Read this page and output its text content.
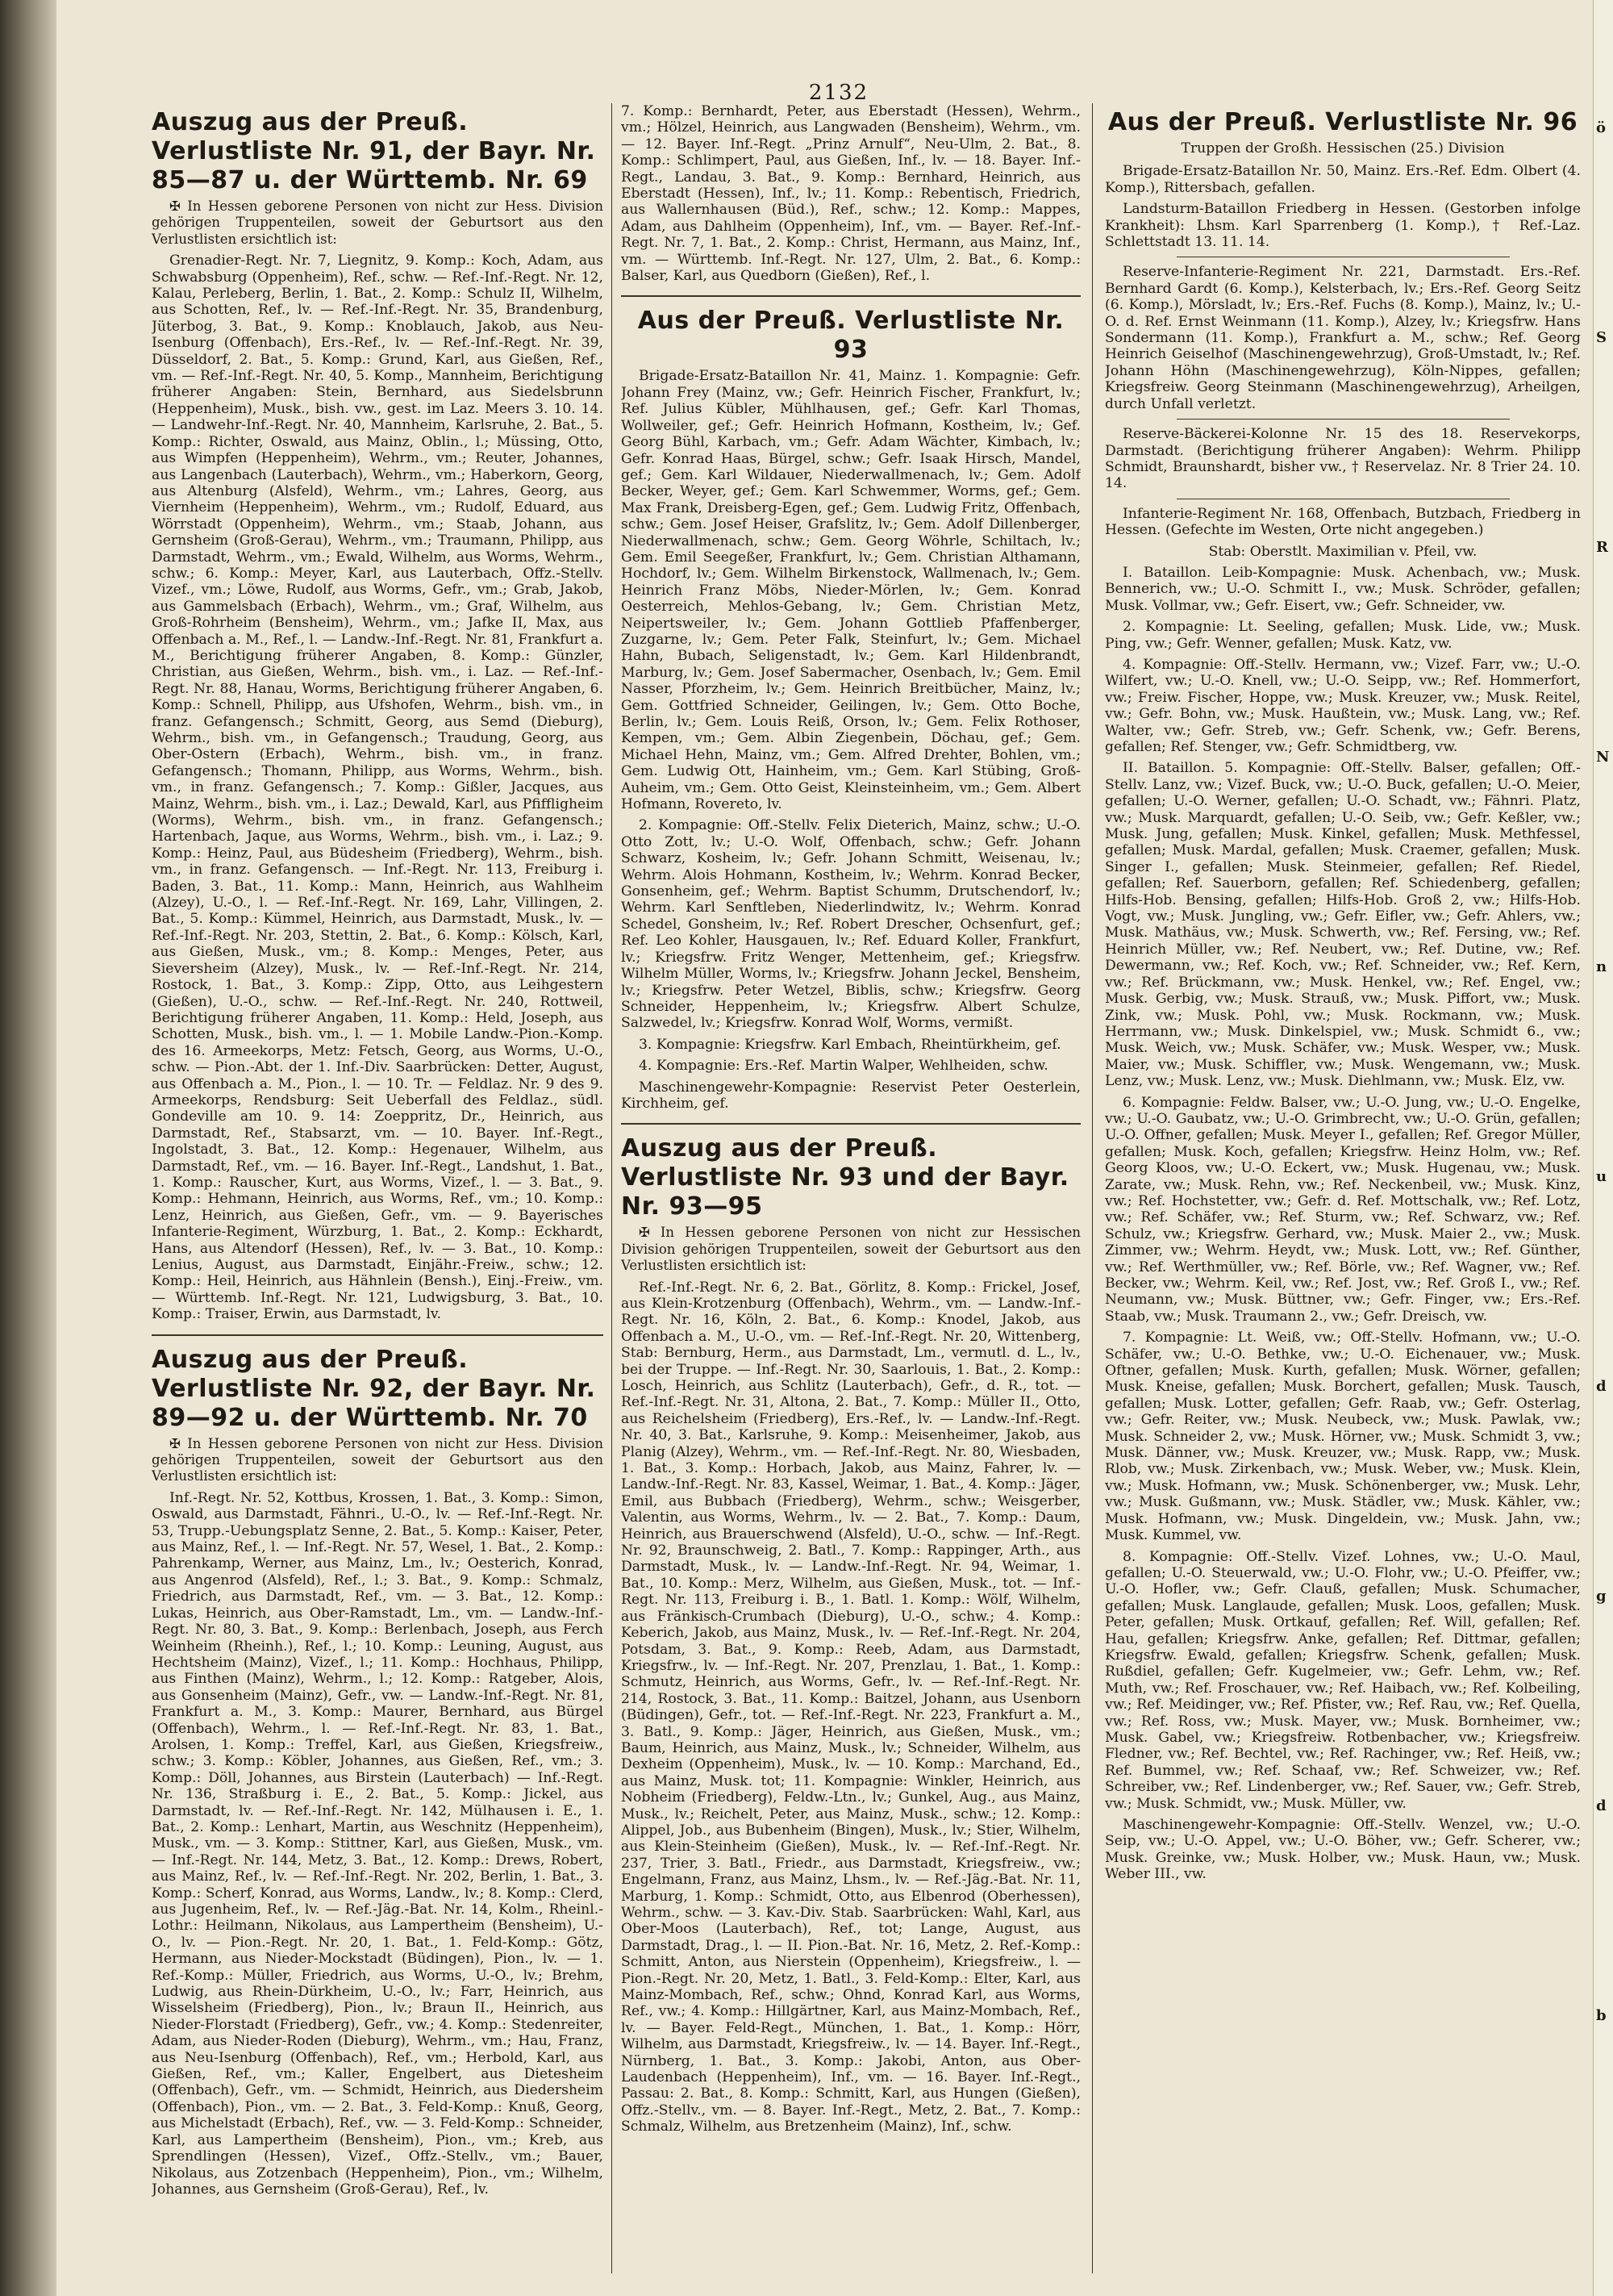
2132
Auszug aus der Preuß. Verlustliste Nr. 91, der Bayr. Nr. 85—87 u. der Württemb. Nr. 69

✠ In Hessen geborene Personen von nicht zur Hess. Division gehörigen Truppenteilen, soweit der Geburtsort aus den Verlustlisten ersichtlich ist:

Grenadier-Regt. Nr. 7, Liegnitz, 9. Komp.: Koch, Adam, aus Schwabsburg (Oppenheim), Ref., schw. — Ref.-Inf.-Regt. Nr. 12, Kalau, Perleberg, Berlin, 1. Bat., 2. Komp.: Schulz II, Wilhelm, aus Schotten, Ref., lv. — Ref.-Inf.-Regt. Nr. 35, Brandenburg, Jüterbog, 3. Bat., 9. Komp.: Knoblauch, Jakob, aus Neu-Isenburg (Offenbach), Ers.-Ref., lv. — Ref.-Inf.-Regt. Nr. 39, Düsseldorf, 2. Bat., 5. Komp.: Grund, Karl, aus Gießen, Ref., vm. — Ref.-Inf.-Regt. Nr. 40, 5. Komp., Mannheim, Berichtigung früherer Angaben: Stein, Bernhard, aus Siedelsbrunn (Heppenheim), Musk., bish. vw., gest. im Laz. Meers 3. 10. 14. — Landwehr-Inf.-Regt. Nr. 40, Mannheim, Karlsruhe, 2. Bat., 5. Komp.: Richter, Oswald, aus Mainz, Oblin., l.; Müssing, Otto, aus Wimpfen (Heppenheim), Wehrm., vm.; Reuter, Johannes, aus Langenbach (Lauterbach), Wehrm., vm.; Haberkorn, Georg, aus Altenburg (Alsfeld), Wehrm., vm.; Lahres, Georg, aus Viernheim (Heppenheim), Wehrm., vm.; Rudolf, Eduard, aus Wörrstadt (Oppenheim), Wehrm., vm.; Staab, Johann, aus Gernsheim (Groß-Gerau), Wehrm., vm.; Traumann, Philipp, aus Darmstadt, Wehrm., vm.; Ewald, Wilhelm, aus Worms, Wehrm., schw.; 6. Komp.: Meyer, Karl, aus Lauterbach, Offz.-Stellv. Vizef., vm.; Löwe, Rudolf, aus Worms, Gefr., vm.; Grab, Jakob, aus Gammelsbach (Erbach), Wehrm., vm.; Graf, Wilhelm, aus Groß-Rohrheim (Bensheim), Wehrm., vm.; Jafke II, Max, aus Offenbach a. M., Ref., l. — Landw.-Inf.-Regt. Nr. 81, Frankfurt a. M., Berichtigung früherer Angaben, 8. Komp.: Günzler, Christian, aus Gießen, Wehrm., bish. vm., i. Laz. — Ref.-Inf.-Regt. Nr. 88, Hanau, Worms, Berichtigung früherer Angaben, 6. Komp.: Schnell, Philipp, aus Ufshofen, Wehrm., bish. vm., in franz. Gefangensch.; Schmitt, Georg, aus Semd (Dieburg), Wehrm., bish. vm., in Gefangensch.; Traudung, Georg, aus Ober-Ostern (Erbach), Wehrm., bish. vm., in franz. Gefangensch.; Thomann, Philipp, aus Worms, Wehrm., bish. vm., in franz. Gefangensch.; 7. Komp.: Gißler, Jacques, aus Mainz, Wehrm., bish. vm., i. Laz.; Dewald, Karl, aus Pfiffligheim (Worms), Wehrm., bish. vm., in franz. Gefangensch.; Hartenbach, Jaque, aus Worms, Wehrm., bish. vm., i. Laz.; 9. Komp.: Heinz, Paul, aus Büdesheim (Friedberg), Wehrm., bish. vm., in franz. Gefangensch. — Inf.-Regt. Nr. 113, Freiburg i. Baden, 3. Bat., 11. Komp.: Mann, Heinrich, aus Wahlheim (Alzey), U.-O., l. — Ref.-Inf.-Regt. Nr. 169, Lahr, Villingen, 2. Bat., 5. Komp.: Kümmel, Heinrich, aus Darmstadt, Musk., lv. — Ref.-Inf.-Regt. Nr. 203, Stettin, 2. Bat., 6. Komp.: Kölsch, Karl, aus Gießen, Musk., vm.; 8. Komp.: Menges, Peter, aus Sieversheim (Alzey), Musk., lv. — Ref.-Inf.-Regt. Nr. 214, Rostock, 1. Bat., 3. Komp.: Zipp, Otto, aus Leihgestern (Gießen), U.-O., schw. — Ref.-Inf.-Regt. Nr. 240, Rottweil, Berichtigung früherer Angaben, 11. Komp.: Held, Joseph, aus Schotten, Musk., bish. vm., l. — 1. Mobile Landw.-Pion.-Komp. des 16. Armeekorps, Metz: Fetsch, Georg, aus Worms, U.-O., schw. — Pion.-Abt. der 1. Inf.-Div. Saarbrücken: Detter, August, aus Offenbach a. M., Pion., l. — 10. Tr. — Feldlaz. Nr. 9 des 9. Armeekorps, Rendsburg: Seit Ueberfall des Feldlaz., südl. Gondeville am 10. 9. 14: Zoeppritz, Dr., Heinrich, aus Darmstadt, Ref., Stabsarzt, vm. — 10. Bayer. Inf.-Regt., Ingolstadt, 3. Bat., 12. Komp.: Hegenauer, Wilhelm, aus Darmstadt, Ref., vm. — 16. Bayer. Inf.-Regt., Landshut, 1. Bat., 1. Komp.: Rauscher, Kurt, aus Worms, Vizef., l. — 3. Bat., 9. Komp.: Hehmann, Heinrich, aus Worms, Ref., vm.; 10. Komp.: Lenz, Heinrich, aus Gießen, Gefr., vm. — 9. Bayerisches Infanterie-Regiment, Würzburg, 1. Bat., 2. Komp.: Eckhardt, Hans, aus Altendorf (Hessen), Ref., lv. — 3. Bat., 10. Komp.: Lenius, August, aus Darmstadt, Einjähr.-Freiw., schw.; 12. Komp.: Heil, Heinrich, aus Hähnlein (Bensh.), Einj.-Freiw., vm. — Württemb. Inf.-Regt. Nr. 121, Ludwigsburg, 3. Bat., 10. Komp.: Traiser, Erwin, aus Darmstadt, lv.

Auszug aus der Preuß. Verlustliste Nr. 92, der Bayr. Nr. 89—92 u. der Württemb. Nr. 70

✠ In Hessen geborene Personen von nicht zur Hess. Division gehörigen Truppenteilen, soweit der Geburtsort aus den Verlustlisten ersichtlich ist:

Inf.-Regt. Nr. 52, Kottbus, Krossen, 1. Bat., 3. Komp.: Simon, Oswald, aus Darmstadt, Fähnri., U.-O., lv. — Ref.-Inf.-Regt. Nr. 53, Trupp.-Uebungsplatz Senne, 2. Bat., 5. Komp.: Kaiser, Peter, aus Mainz, Ref., l. — Inf.-Regt. Nr. 57, Wesel, 1. Bat., 2. Komp.: Pahrenkamp, Werner, aus Mainz, Lm., lv.; Oesterich, Konrad, aus Angenrod (Alsfeld), Ref., l.; 3. Bat., 9. Komp.: Schmalz, Friedrich, aus Darmstadt, Ref., vm. — 3. Bat., 12. Komp.: Lukas, Heinrich, aus Ober-Ramstadt, Lm., vm. — Landw.-Inf.-Regt. Nr. 80, 3. Bat., 9. Komp.: Berlenbach, Joseph, aus Ferch Weinheim (Rheinh.), Ref., l.; 10. Komp.: Leuning, August, aus Hechtsheim (Mainz), Vizef., l.; 11. Komp.: Hochhaus, Philipp, aus Finthen (Mainz), Wehrm., l.; 12. Komp.: Ratgeber, Alois, aus Gonsenheim (Mainz), Gefr., vw. — Landw.-Inf.-Regt. Nr. 81, Frankfurt a. M., 3. Komp.: Maurer, Bernhard, aus Bürgel (Offenbach), Wehrm., l. — Ref.-Inf.-Regt. Nr. 83, 1. Bat., Arolsen, 1. Komp.: Treffel, Karl, aus Gießen, Kriegsfreiw., schw.; 3. Komp.: Köbler, Johannes, aus Gießen, Ref., vm.; 3. Komp.: Döll, Johannes, aus Birstein (Lauterbach) — Inf.-Regt. Nr. 136, Straßburg i. E., 2. Bat., 5. Komp.: Jickel, aus Darmstadt, lv. — Ref.-Inf.-Regt. Nr. 142, Mülhausen i. E., 1. Bat., 2. Komp.: Lenhart, Martin, aus Weschnitz (Heppenheim), Musk., vm. — 3. Komp.: Stittner, Karl, aus Gießen, Musk., vm. — Inf.-Regt. Nr. 144, Metz, 3. Bat., 12. Komp.: Drews, Robert, aus Mainz, Ref., lv. — Ref.-Inf.-Regt. Nr. 202, Berlin, 1. Bat., 3. Komp.: Scherf, Konrad, aus Worms, Landw., lv.; 8. Komp.: Clerd, aus Jugenheim, Ref., lv. — Ref.-Jäg.-Bat. Nr. 14, Kolm., Rheinl.-Lothr.: Heilmann, Nikolaus, aus Lampertheim (Bensheim), U.-O., lv. — Pion.-Regt. Nr. 20, 1. Bat., 1. Feld-Komp.: Götz, Hermann, aus Nieder-Mockstadt (Büdingen), Pion., lv. — 1. Ref.-Komp.: Müller, Friedrich, aus Worms, U.-O., lv.; Brehm, Ludwig, aus Rhein-Dürkheim, U.-O., lv.; Farr, Heinrich, aus Wisselsheim (Friedberg), Pion., lv.; Braun II., Heinrich, aus Nieder-Florstadt (Friedberg), Gefr., vw.; 4. Komp.: Stedenreiter, Adam, aus Nieder-Roden (Dieburg), Wehrm., vm.; Hau, Franz, aus Neu-Isenburg (Offenbach), Ref., vm.; Herbold, Karl, aus Gießen, Ref., vm.; Kaller, Engelbert, aus Dietesheim (Offenbach), Gefr., vm. — Schmidt, Heinrich, aus Diedersheim (Offenbach), Pion., vm. — 2. Bat., 3. Feld-Komp.: Knuß, Georg, aus Michelstadt (Erbach), Ref., vw. — 3. Feld-Komp.: Schneider, Karl, aus Lampertheim (Bensheim), Pion., vm.; Kreb, aus Sprendlingen (Hessen), Vizef., Offz.-Stellv., vm.; Bauer, Nikolaus, aus Zotzenbach (Heppenheim), Pion., vm.; Wilhelm, Johannes, aus Gernsheim (Groß-Gerau), Ref., lv.

7. Komp.: Bernhardt, Peter, aus Eberstadt (Hessen), Wehrm., vm.; Hölzel, Heinrich, aus Langwaden (Bensheim), Wehrm., vm. — 12. Bayer. Inf.-Regt. „Prinz Arnulf“, Neu-Ulm, 2. Bat., 8. Komp.: Schlimpert, Paul, aus Gießen, Inf., lv. — 18. Bayer. Inf.-Regt., Landau, 3. Bat., 9. Komp.: Bernhard, Heinrich, aus Eberstadt (Hessen), Inf., lv.; 11. Komp.: Rebentisch, Friedrich, aus Wallernhausen (Büd.), Ref., schw.; 12. Komp.: Mappes, Adam, aus Dahlheim (Oppenheim), Inf., vm. — Bayer. Ref.-Inf.-Regt. Nr. 7, 1. Bat., 2. Komp.: Christ, Hermann, aus Mainz, Inf., vm. — Württemb. Inf.-Regt. Nr. 127, Ulm, 2. Bat., 6. Komp.: Balser, Karl, aus Quedborn (Gießen), Ref., l.

Aus der Preuß. Verlustliste Nr. 93

Brigade-Ersatz-Bataillon Nr. 41, Mainz. 1. Kompagnie: Gefr. Johann Frey (Mainz, vw.; Gefr. Heinrich Fischer, Frankfurt, lv.; Ref. Julius Kübler, Mühlhausen, gef.; Gefr. Karl Thomas, Wollweiler, gef.; Gefr. Heinrich Hofmann, Kostheim, lv.; Gef. Georg Bühl, Karbach, vm.; Gefr. Adam Wächter, Kimbach, lv.; Gefr. Konrad Haas, Bürgel, schw.; Gefr. Isaak Hirsch, Mandel, gef.; Gem. Karl Wildauer, Niederwallmenach, lv.; Gem. Adolf Becker, Weyer, gef.; Gem. Karl Schwemmer, Worms, gef.; Gem. Max Frank, Dreisberg-Egen, gef.; Gem. Ludwig Fritz, Offenbach, schw.; Gem. Josef Heiser, Grafslitz, lv.; Gem. Adolf Dillenberger, Niederwallmenach, schw.; Gem. Georg Wöhrle, Schiltach, lv.; Gem. Emil Seegeßer, Frankfurt, lv.; Gem. Christian Althamann, Hochdorf, lv.; Gem. Wilhelm Birkenstock, Wallmenach, lv.; Gem. Heinrich Franz Möbs, Nieder-Mörlen, lv.; Gem. Konrad Oesterreich, Mehlos-Gebang, lv.; Gem. Christian Metz, Neipertsweiler, lv.; Gem. Johann Gottlieb Pfaffenberger, Zuzgarne, lv.; Gem. Peter Falk, Steinfurt, lv.; Gem. Michael Hahn, Bubach, Seligenstadt, lv.; Gem. Karl Hildenbrandt, Marburg, lv.; Gem. Josef Sabermacher, Osenbach, lv.; Gem. Emil Nasser, Pforzheim, lv.; Gem. Heinrich Breitbücher, Mainz, lv.; Gem. Gottfried Schneider, Geilingen, lv.; Gem. Otto Boche, Berlin, lv.; Gem. Louis Reiß, Orson, lv.; Gem. Felix Rothoser, Kempen, vm.; Gem. Albin Ziegenbein, Döchau, gef.; Gem. Michael Hehn, Mainz, vm.; Gem. Alfred Drehter, Bohlen, vm.; Gem. Ludwig Ott, Hainheim, vm.; Gem. Karl Stübing, Groß-Auheim, vm.; Gem. Otto Geist, Kleinsteinheim, vm.; Gem. Albert Hofmann, Rovereto, lv.

2. Kompagnie: Off.-Stellv. Felix Dieterich, Mainz, schw.; U.-O. Otto Zott, lv.; U.-O. Wolf, Offenbach, schw.; Gefr. Johann Schwarz, Kosheim, lv.; Gefr. Johann Schmitt, Weisenau, lv.; Wehrm. Alois Hohmann, Kostheim, lv.; Wehrm. Konrad Becker, Gonsenheim, gef.; Wehrm. Baptist Schumm, Drutschendorf, lv.; Wehrm. Karl Senftleben, Niederlindwitz, lv.; Wehrm. Konrad Schedel, Gonsheim, lv.; Ref. Robert Drescher, Ochsenfurt, gef.; Ref. Leo Kohler, Hausgauen, lv.; Ref. Eduard Koller, Frankfurt, lv.; Kriegsfrw. Fritz Wenger, Mettenheim, gef.; Kriegsfrw. Wilhelm Müller, Worms, lv.; Kriegsfrw. Johann Jeckel, Bensheim, lv.; Kriegsfrw. Peter Wetzel, Biblis, schw.; Kriegsfrw. Georg Schneider, Heppenheim, lv.; Kriegsfrw. Albert Schulze, Salzwedel, lv.; Kriegsfrw. Konrad Wolf, Worms, vermißt.

3. Kompagnie: Kriegsfrw. Karl Embach, Rheintürkheim, gef.

4. Kompagnie: Ers.-Ref. Martin Walper, Wehlheiden, schw.

Maschinengewehr-Kompagnie: Reservist Peter Oesterlein, Kirchheim, gef.

Auszug aus der Preuß. Verlustliste Nr. 93 und der Bayr. Nr. 93—95

✠ In Hessen geborene Personen von nicht zur Hessischen Division gehörigen Truppenteilen, soweit der Geburtsort aus den Verlustlisten ersichtlich ist:

Ref.-Inf.-Regt. Nr. 6, 2. Bat., Görlitz, 8. Komp.: Frickel, Josef, aus Klein-Krotzenburg (Offenbach), Wehrm., vm. — Landw.-Inf.-Regt. Nr. 16, Köln, 2. Bat., 6. Komp.: Knodel, Jakob, aus Offenbach a. M., U.-O., vm. — Ref.-Inf.-Regt. Nr. 20, Wittenberg, Stab: Bernburg, Herm., aus Darmstadt, Lm., vermutl. d. L., lv., bei der Truppe. — Inf.-Regt. Nr. 30, Saarlouis, 1. Bat., 2. Komp.: Losch, Heinrich, aus Schlitz (Lauterbach), Gefr., d. R., tot. — Ref.-Inf.-Regt. Nr. 31, Altona, 2. Bat., 7. Komp.: Müller II., Otto, aus Reichelsheim (Friedberg), Ers.-Ref., lv. — Landw.-Inf.-Regt. Nr. 40, 3. Bat., Karlsruhe, 9. Komp.: Meisenheimer, Jakob, aus Planig (Alzey), Wehrm., vm. — Ref.-Inf.-Regt. Nr. 80, Wiesbaden, 1. Bat., 3. Komp.: Horbach, Jakob, aus Mainz, Fahrer, lv. — Landw.-Inf.-Regt. Nr. 83, Kassel, Weimar, 1. Bat., 4. Komp.: Jäger, Emil, aus Bubbach (Friedberg), Wehrm., schw.; Weisgerber, Valentin, aus Worms, Wehrm., lv. — 2. Bat., 7. Komp.: Daum, Heinrich, aus Brauerschwend (Alsfeld), U.-O., schw. — Inf.-Regt. Nr. 92, Braunschweig, 2. Batl., 7. Komp.: Rappinger, Arth., aus Darmstadt, Musk., lv. — Landw.-Inf.-Regt. Nr. 94, Weimar, 1. Bat., 10. Komp.: Merz, Wilhelm, aus Gießen, Musk., tot. — Inf.-Regt. Nr. 113, Freiburg i. B., 1. Batl. 1. Komp.: Wölf, Wilhelm, aus Fränkisch-Crumbach (Dieburg), U.-O., schw.; 4. Komp.: Keberich, Jakob, aus Mainz, Musk., lv. — Ref.-Inf.-Regt. Nr. 204, Potsdam, 3. Bat., 9. Komp.: Reeb, Adam, aus Darmstadt, Kriegsfrw., lv. — Inf.-Regt. Nr. 207, Prenzlau, 1. Bat., 1. Komp.: Schmutz, Heinrich, aus Worms, Gefr., lv. — Ref.-Inf.-Regt. Nr. 214, Rostock, 3. Bat., 11. Komp.: Baitzel, Johann, aus Usenborn (Büdingen), Gefr., tot. — Ref.-Inf.-Regt. Nr. 223, Frankfurt a. M., 3. Batl., 9. Komp.: Jäger, Heinrich, aus Gießen, Musk., vm.; Baum, Heinrich, aus Mainz, Musk., lv.; Schneider, Wilhelm, aus Dexheim (Oppenheim), Musk., lv. — 10. Komp.: Marchand, Ed., aus Mainz, Musk. tot; 11. Kompagnie: Winkler, Heinrich, aus Nobheim (Friedberg), Feldw.-Ltn., lv.; Gunkel, Aug., aus Mainz, Musk., lv.; Reichelt, Peter, aus Mainz, Musk., schw.; 12. Komp.: Alippel, Job., aus Bubenheim (Bingen), Musk., lv.; Stier, Wilhelm, aus Klein-Steinheim (Gießen), Musk., lv. — Ref.-Inf.-Regt. Nr. 237, Trier, 3. Batl., Friedr., aus Darmstadt, Kriegsfreiw., vw.; Engelmann, Franz, aus Mainz, Lhsm., lv. — Ref.-Jäg.-Bat. Nr. 11, Marburg, 1. Komp.: Schmidt, Otto, aus Elbenrod (Oberhessen), Wehrm., schw. — 3. Kav.-Div. Stab. Saarbrücken: Wahl, Karl, aus Ober-Moos (Lauterbach), Ref., tot; Lange, August, aus Darmstadt, Drag., l. — II. Pion.-Bat. Nr. 16, Metz, 2. Ref.-Komp.: Schmitt, Anton, aus Nierstein (Oppenheim), Kriegsfreiw., l. — Pion.-Regt. Nr. 20, Metz, 1. Batl., 3. Feld-Komp.: Elter, Karl, aus Mainz-Mombach, Ref., schw.; Ohnd, Konrad Karl, aus Worms, Ref., vw.; 4. Komp.: Hillgärtner, Karl, aus Mainz-Mombach, Ref., lv. — Bayer. Feld-Regt., München, 1. Bat., 1. Komp.: Hörr, Wilhelm, aus Darmstadt, Kriegsfreiw., lv. — 14. Bayer. Inf.-Regt., Nürnberg, 1. Bat., 3. Komp.: Jakobi, Anton, aus Ober-Laudenbach (Heppenheim), Inf., vm. — 16. Bayer. Inf.-Regt., Passau: 2. Bat., 8. Komp.: Schmitt, Karl, aus Hungen (Gießen), Offz.-Stellv., vm. — 8. Bayer. Inf.-Regt., Metz, 2. Bat., 7. Komp.: Schmalz, Wilhelm, aus Bretzenheim (Mainz), Inf., schw.

Aus der Preuß. Verlustliste Nr. 96
Truppen der Großh. Hessischen (25.) Division

Brigade-Ersatz-Bataillon Nr. 50, Mainz. Ers.-Ref. Edm. Olbert (4. Komp.), Rittersbach, gefallen.

Landsturm-Bataillon Friedberg in Hessen. (Gestorben infolge Krankheit): Lhsm. Karl Sparrenberg (1. Komp.), † Ref.-Laz. Schlettstadt 13. 11. 14.

Reserve-Infanterie-Regiment Nr. 221, Darmstadt. Ers.-Ref. Bernhard Gardt (6. Komp.), Kelsterbach, lv.; Ers.-Ref. Georg Seitz (6. Komp.), Mörsladt, lv.; Ers.-Ref. Fuchs (8. Komp.), Mainz, lv.; U.-O. d. Ref. Ernst Weinmann (11. Komp.), Alzey, lv.; Kriegsfrw. Hans Sondermann (11. Komp.), Frankfurt a. M., schw.; Ref. Georg Heinrich Geiselhof (Maschinengewehrzug), Groß-Umstadt, lv.; Ref. Johann Höhn (Maschinengewehrzug), Köln-Nippes, gefallen; Kriegsfreiw. Georg Steinmann (Maschinengewehrzug), Arheilgen, durch Unfall verletzt.

Reserve-Bäckerei-Kolonne Nr. 15 des 18. Reservekorps, Darmstadt. (Berichtigung früherer Angaben): Wehrm. Philipp Schmidt, Braunshardt, bisher vw., † Reservelaz. Nr. 8 Trier 24. 10. 14.

Infanterie-Regiment Nr. 168, Offenbach, Butzbach, Friedberg in Hessen. (Gefechte im Westen, Orte nicht angegeben.)

Stab: Oberstlt. Maximilian v. Pfeil, vw.

I. Bataillon. Leib-Kompagnie: Musk. Achenbach, vw.; Musk. Bennerich, vw.; U.-O. Schmitt I., vw.; Musk. Schröder, gefallen; Musk. Vollmar, vw.; Gefr. Eisert, vw.; Gefr. Schneider, vw.

2. Kompagnie: Lt. Seeling, gefallen; Musk. Lide, vw.; Musk. Ping, vw.; Gefr. Wenner, gefallen; Musk. Katz, vw.

4. Kompagnie: Off.-Stellv. Hermann, vw.; Vizef. Farr, vw.; U.-O. Wilfert, vw.; U.-O. Knell, vw.; U.-O. Seipp, vw.; Ref. Hommerfort, vw.; Freiw. Fischer, Hoppe, vw.; Musk. Kreuzer, vw.; Musk. Reitel, vw.; Gefr. Bohn, vw.; Musk. Haußtein, vw.; Musk. Lang, vw.; Ref. Walter, vw.; Gefr. Streb, vw.; Gefr. Schenk, vw.; Gefr. Berens, gefallen; Ref. Stenger, vw.; Gefr. Schmidtberg, vw.

II. Bataillon. 5. Kompagnie: Off.-Stellv. Balser, gefallen; Off.-Stellv. Lanz, vw.; Vizef. Buck, vw.; U.-O. Buck, gefallen; U.-O. Meier, gefallen; U.-O. Werner, gefallen; U.-O. Schadt, vw.; Fähnri. Platz, vw.; Musk. Marquardt, gefallen; U.-O. Seib, vw.; Gefr. Keßler, vw.; Musk. Jung, gefallen; Musk. Kinkel, gefallen; Musk. Methfessel, gefallen; Musk. Mardal, gefallen; Musk. Craemer, gefallen; Musk. Singer I., gefallen; Musk. Steinmeier, gefallen; Ref. Riedel, gefallen; Ref. Sauerborn, gefallen; Ref. Schiedenberg, gefallen; Hilfs-Hob. Bensing, gefallen; Hilfs-Hob. Groß 2, vw.; Hilfs-Hob. Vogt, vw.; Musk. Jungling, vw.; Gefr. Eifler, vw.; Gefr. Ahlers, vw.; Musk. Mathäus, vw.; Musk. Schwerth, vw.; Ref. Fersing, vw.; Ref. Heinrich Müller, vw.; Ref. Neubert, vw.; Ref. Dutine, vw.; Ref. Dewermann, vw.; Ref. Koch, vw.; Ref. Schneider, vw.; Ref. Kern, vw.; Ref. Brückmann, vw.; Musk. Henkel, vw.; Ref. Engel, vw.; Musk. Gerbig, vw.; Musk. Strauß, vw.; Musk. Piffort, vw.; Musk. Zink, vw.; Musk. Pohl, vw.; Musk. Rockmann, vw.; Musk. Herrmann, vw.; Musk. Dinkelspiel, vw.; Musk. Schmidt 6., vw.; Musk. Weich, vw.; Musk. Schäfer, vw.; Musk. Wesper, vw.; Musk. Maier, vw.; Musk. Schiffler, vw.; Musk. Wengemann, vw.; Musk. Lenz, vw.; Musk. Lenz, vw.; Musk. Diehlmann, vw.; Musk. Elz, vw.

6. Kompagnie: Feldw. Balser, vw.; U.-O. Jung, vw.; U.-O. Engelke, vw.; U.-O. Gaubatz, vw.; U.-O. Grimbrecht, vw.; U.-O. Grün, gefallen; U.-O. Offner, gefallen; Musk. Meyer I., gefallen; Ref. Gregor Müller, gefallen; Musk. Koch, gefallen; Kriegsfrw. Heinz Holm, vw.; Ref. Georg Kloos, vw.; U.-O. Eckert, vw.; Musk. Hugenau, vw.; Musk. Zarate, vw.; Musk. Rehn, vw.; Ref. Neckenbeil, vw.; Musk. Kinz, vw.; Ref. Hochstetter, vw.; Gefr. d. Ref. Mottschalk, vw.; Ref. Lotz, vw.; Ref. Schäfer, vw.; Ref. Sturm, vw.; Ref. Schwarz, vw.; Ref. Schulz, vw.; Kriegsfrw. Gerhard, vw.; Musk. Maier 2., vw.; Musk. Zimmer, vw.; Wehrm. Heydt, vw.; Musk. Lott, vw.; Ref. Günther, vw.; Ref. Werthmüller, vw.; Ref. Börle, vw.; Ref. Wagner, vw.; Ref. Becker, vw.; Wehrm. Keil, vw.; Ref. Jost, vw.; Ref. Groß I., vw.; Ref. Neumann, vw.; Musk. Büttner, vw.; Gefr. Finger, vw.; Ers.-Ref. Staab, vw.; Musk. Traumann 2., vw.; Gefr. Dreisch, vw.

7. Kompagnie: Lt. Weiß, vw.; Off.-Stellv. Hofmann, vw.; U.-O. Schäfer, vw.; U.-O. Bethke, vw.; U.-O. Eichenauer, vw.; Musk. Oftner, gefallen; Musk. Kurth, gefallen; Musk. Wörner, gefallen; Musk. Kneise, gefallen; Musk. Borchert, gefallen; Musk. Tausch, gefallen; Musk. Lotter, gefallen; Gefr. Raab, vw.; Gefr. Osterlag, vw.; Gefr. Reiter, vw.; Musk. Neubeck, vw.; Musk. Pawlak, vw.; Musk. Schneider 2, vw.; Musk. Hörner, vw.; Musk. Schmidt 3, vw.; Musk. Dänner, vw.; Musk. Kreuzer, vw.; Musk. Rapp, vw.; Musk. Rlob, vw.; Musk. Zirkenbach, vw.; Musk. Weber, vw.; Musk. Klein, vw.; Musk. Hofmann, vw.; Musk. Schönenberger, vw.; Musk. Lehr, vw.; Musk. Gußmann, vw.; Musk. Städler, vw.; Musk. Kähler, vw.; Musk. Hofmann, vw.; Musk. Dingeldein, vw.; Musk. Jahn, vw.; Musk. Kummel, vw.

8. Kompagnie: Off.-Stellv. Vizef. Lohnes, vw.; U.-O. Maul, gefallen; U.-O. Steuerwald, vw.; U.-O. Flohr, vw.; U.-O. Pfeiffer, vw.; U.-O. Hofler, vw.; Gefr. Clauß, gefallen; Musk. Schumacher, gefallen; Musk. Langlaude, gefallen; Musk. Loos, gefallen; Musk. Peter, gefallen; Musk. Ortkauf, gefallen; Ref. Will, gefallen; Ref. Hau, gefallen; Kriegsfrw. Anke, gefallen; Ref. Dittmar, gefallen; Kriegsfrw. Ewald, gefallen; Kriegsfrw. Schenk, gefallen; Musk. Rußdiel, gefallen; Gefr. Kugelmeier, vw.; Gefr. Lehm, vw.; Ref. Muth, vw.; Ref. Froschauer, vw.; Ref. Haibach, vw.; Ref. Kolbeiling, vw.; Ref. Meidinger, vw.; Ref. Pfister, vw.; Ref. Rau, vw.; Ref. Quella, vw.; Ref. Ross, vw.; Musk. Mayer, vw.; Musk. Bornheimer, vw.; Musk. Gabel, vw.; Kriegsfreiw. Rotbenbacher, vw.; Kriegsfreiw. Fledner, vw.; Ref. Bechtel, vw.; Ref. Rachinger, vw.; Ref. Heiß, vw.; Ref. Bummel, vw.; Ref. Schaaf, vw.; Ref. Schweizer, vw.; Ref. Schreiber, vw.; Ref. Lindenberger, vw.; Ref. Sauer, vw.; Gefr. Streb, vw.; Musk. Schmidt, vw.; Musk. Müller, vw.

Maschinengewehr-Kompagnie: Off.-Stellv. Wenzel, vw.; U.-O. Seip, vw.; U.-O. Appel, vw.; U.-O. Böher, vw.; Gefr. Scherer, vw.; Musk. Greinke, vw.; Musk. Holber, vw.; Musk. Haun, vw.; Musk. Weber III., vw.

ö
S
R
N
n
u
d
g
d
b
